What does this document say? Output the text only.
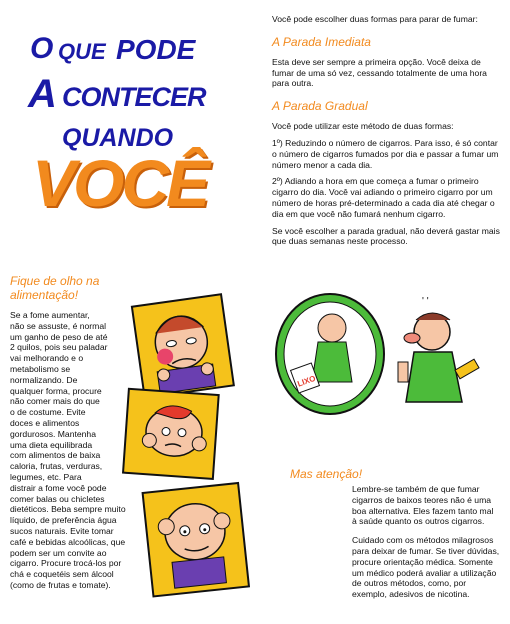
O QUE PODE
A CONTECER
QUANDO
VOCÊ

Você pode escolher duas formas para parar de fumar:

A Parada Imediata

Esta deve ser sempre a primeira opção. Você deixa de fumar de uma só vez, cessando totalmente de uma hora para outra.

A Parada Gradual

Você pode utilizar este método de duas formas:

1º) Reduzindo o número de cigarros. Para isso, é só contar o número de cigarros fumados por dia e passar a fumar um número menor a cada dia.

2º) Adiando a hora em que começa a fumar o primeiro cigarro do dia. Você vai adiando o primeiro cigarro por um número de horas pré-determinado a cada dia até chegar o dia em que você não fumará nenhum cigarro.

Se você escolher a parada gradual, não deverá gastar mais que duas semanas neste processo.

Fique de olho na alimentação!

Se a fome aumentar,
não se assuste, é normal
um ganho de peso de até
2 quilos, pois seu paladar
vai melhorando e o
metabolismo se
normalizando. De
qualquer forma, procure
não comer mais do que
o de costume. Evite
doces e alimentos
gordurosos. Mantenha
uma dieta equilibrada
com alimentos de baixa
caloria, frutas, verduras,
legumes, etc. Para
distrair a fome você pode
comer balas ou chicletes
dietéticos. Beba sempre muito
líquido, de preferência água
sucos naturais. Evite tomar
café e bebidas alcoólicas, que
podem ser um convite ao
cigarro. Procure trocá-los por
chá e coquetéis sem álcool
(como de frutas e tomate).
LIXO
' '

Mas atenção!

Lembre-se também de que fumar cigarros de baixos teores não é uma boa alternativa. Eles fazem tanto mal à saúde quanto os outros cigarros.

Cuidado com os métodos milagrosos para deixar de fumar. Se tiver dúvidas, procure orientação médica. Somente um médico poderá avaliar a utilização de outros métodos, como, por exemplo, adesivos de nicotina.
